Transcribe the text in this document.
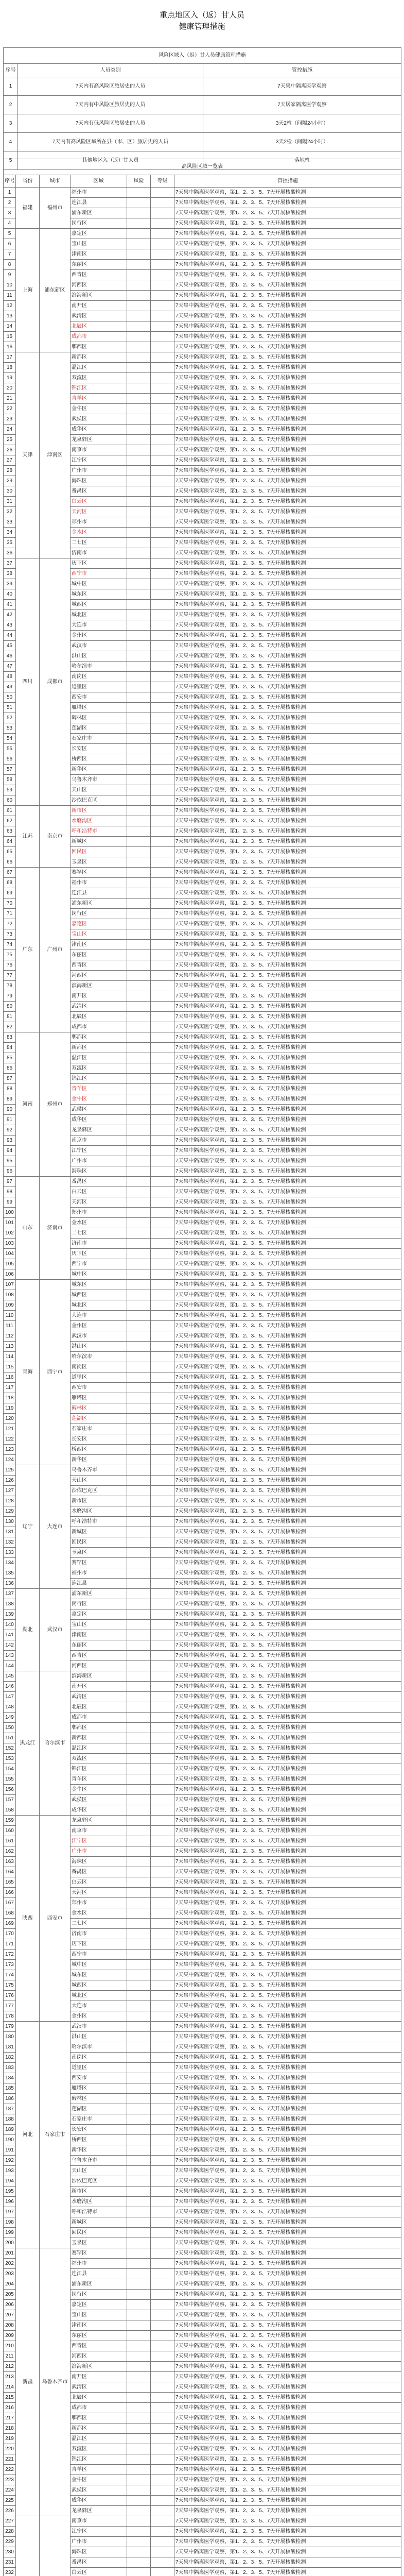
重点地区入（返）甘人员
健康管理措施
风险区域入（返）甘人员健康管理措施		
序号	人员类别	管控措施
1	7天内有高风险区旅居史的人员	7天集中隔离医学观察
2	7天内有中风险区旅居史的人员	7天居家隔离医学观察
3	7天内有低风险区旅居史的人员	3天2检（间隔24小时）
4	7天内有高风险区域所在县（市、区）旅居史的人员	3天2检（间隔24小时）
5	其他地区入（返）甘人员	落地检
高风险区域一览表						
序号	省份	城市	区域	风险	等级	管控措施
1	福建	福州市	福州市			7天集中隔离医学观察，第1、2、3、5、7天开展核酸检测
2			连江县			7天集中隔离医学观察，第1、2、3、5、7天开展核酸检测
3			浦东新区			7天集中隔离医学观察，第1、2、3、5、7天开展核酸检测
4			闵行区			7天集中隔离医学观察，第1、2、3、5、7天开展核酸检测
5	上海	浦东新区	嘉定区			7天集中隔离医学观察，第1、2、3、5、7天开展核酸检测
6			宝山区			7天集中隔离医学观察，第1、2、3、5、7天开展核酸检测
7			津南区			7天集中隔离医学观察，第1、2、3、5、7天开展核酸检测
8			东丽区			7天集中隔离医学观察，第1、2、3、5、7天开展核酸检测
9			西青区			7天集中隔离医学观察，第1、2、3、5、7天开展核酸检测
10			河西区			7天集中隔离医学观察，第1、2、3、5、7天开展核酸检测
11			滨海新区			7天集中隔离医学观察，第1、2、3、5、7天开展核酸检测
12			南开区			7天集中隔离医学观察，第1、2、3、5、7天开展核酸检测
13			武清区			7天集中隔离医学观察，第1、2、3、5、7天开展核酸检测
14			北辰区			7天集中隔离医学观察，第1、2、3、5、7天开展核酸检测
15			成都市			7天集中隔离医学观察，第1、2、3、5、7天开展核酸检测
16			郫都区			7天集中隔离医学观察，第1、2、3、5、7天开展核酸检测
17	天津	津南区	新都区			7天集中隔离医学观察，第1、2、3、5、7天开展核酸检测
18			温江区			7天集中隔离医学观察，第1、2、3、5、7天开展核酸检测
19			双流区			7天集中隔离医学观察，第1、2、3、5、7天开展核酸检测
20			锦江区			7天集中隔离医学观察，第1、2、3、5、7天开展核酸检测
21			青羊区			7天集中隔离医学观察，第1、2、3、5、7天开展核酸检测
22			金牛区			7天集中隔离医学观察，第1、2、3、5、7天开展核酸检测
23			武侯区			7天集中隔离医学观察，第1、2、3、5、7天开展核酸检测
24			成华区			7天集中隔离医学观察，第1、2、3、5、7天开展核酸检测
25			龙泉驿区			7天集中隔离医学观察，第1、2、3、5、7天开展核酸检测
26			南京市			7天集中隔离医学观察，第1、2、3、5、7天开展核酸检测
27			江宁区			7天集中隔离医学观察，第1、2、3、5、7天开展核酸检测
28			广州市			7天集中隔离医学观察，第1、2、3、5、7天开展核酸检测
29			海珠区			7天集中隔离医学观察，第1、2、3、5、7天开展核酸检测
30			番禺区			7天集中隔离医学观察，第1、2、3、5、7天开展核酸检测
31			白云区			7天集中隔离医学观察，第1、2、3、5、7天开展核酸检测
32			天河区			7天集中隔离医学观察，第1、2、3、5、7天开展核酸检测
33			郑州市			7天集中隔离医学观察，第1、2、3、5、7天开展核酸检测
34			金水区			7天集中隔离医学观察，第1、2、3、5、7天开展核酸检测
35			二七区			7天集中隔离医学观察，第1、2、3、5、7天开展核酸检测
36			济南市			7天集中隔离医学观察，第1、2、3、5、7天开展核酸检测
37	四川	成都市	历下区			7天集中隔离医学观察，第1、2、3、5、7天开展核酸检测
38			西宁市			7天集中隔离医学观察，第1、2、3、5、7天开展核酸检测
39			城中区			7天集中隔离医学观察，第1、2、3、5、7天开展核酸检测
40			城东区			7天集中隔离医学观察，第1、2、3、5、7天开展核酸检测
41			城西区			7天集中隔离医学观察，第1、2、3、5、7天开展核酸检测
42			城北区			7天集中隔离医学观察，第1、2、3、5、7天开展核酸检测
43			大连市			7天集中隔离医学观察，第1、2、3、5、7天开展核酸检测
44			金州区			7天集中隔离医学观察，第1、2、3、5、7天开展核酸检测
45			武汉市			7天集中隔离医学观察，第1、2、3、5、7天开展核酸检测
46			洪山区			7天集中隔离医学观察，第1、2、3、5、7天开展核酸检测
47			哈尔滨市			7天集中隔离医学观察，第1、2、3、5、7天开展核酸检测
48			南岗区			7天集中隔离医学观察，第1、2、3、5、7天开展核酸检测
49			道里区			7天集中隔离医学观察，第1、2、3、5、7天开展核酸检测
50			西安市			7天集中隔离医学观察，第1、2、3、5、7天开展核酸检测
51			雁塔区			7天集中隔离医学观察，第1、2、3、5、7天开展核酸检测
52			碑林区			7天集中隔离医学观察，第1、2、3、5、7天开展核酸检测
53			莲湖区			7天集中隔离医学观察，第1、2、3、5、7天开展核酸检测
54			石家庄市			7天集中隔离医学观察，第1、2、3、5、7天开展核酸检测
55			长安区			7天集中隔离医学观察，第1、2、3、5、7天开展核酸检测
56			桥西区			7天集中隔离医学观察，第1、2、3、5、7天开展核酸检测
57			新华区			7天集中隔离医学观察，第1、2、3、5、7天开展核酸检测
58			乌鲁木齐市			7天集中隔离医学观察，第1、2、3、5、7天开展核酸检测
59			天山区			7天集中隔离医学观察，第1、2、3、5、7天开展核酸检测
60			沙依巴克区			7天集中隔离医学观察，第1、2、3、5、7天开展核酸检测
61	江苏	南京市	新市区			7天集中隔离医学观察，第1、2、3、5、7天开展核酸检测
62			水磨沟区			7天集中隔离医学观察，第1、2、3、5、7天开展核酸检测
63			呼和浩特市			7天集中隔离医学观察，第1、2、3、5、7天开展核酸检测
64			新城区			7天集中隔离医学观察，第1、2、3、5、7天开展核酸检测
65			回民区			7天集中隔离医学观察，第1、2、3、5、7天开展核酸检测
66			玉泉区			7天集中隔离医学观察，第1、2、3、5、7天开展核酸检测
67	广东	广州市	赛罕区			7天集中隔离医学观察，第1、2、3、5、7天开展核酸检测
68			福州市			7天集中隔离医学观察，第1、2、3、5、7天开展核酸检测
69			连江县			7天集中隔离医学观察，第1、2、3、5、7天开展核酸检测
70			浦东新区			7天集中隔离医学观察，第1、2、3、5、7天开展核酸检测
71			闵行区			7天集中隔离医学观察，第1、2、3、5、7天开展核酸检测
72			嘉定区			7天集中隔离医学观察，第1、2、3、5、7天开展核酸检测
73			宝山区			7天集中隔离医学观察，第1、2、3、5、7天开展核酸检测
74			津南区			7天集中隔离医学观察，第1、2、3、5、7天开展核酸检测
75			东丽区			7天集中隔离医学观察，第1、2、3、5、7天开展核酸检测
76			西青区			7天集中隔离医学观察，第1、2、3、5、7天开展核酸检测
77			河西区			7天集中隔离医学观察，第1、2、3、5、7天开展核酸检测
78			滨海新区			7天集中隔离医学观察，第1、2、3、5、7天开展核酸检测
79			南开区			7天集中隔离医学观察，第1、2、3、5、7天开展核酸检测
80			武清区			7天集中隔离医学观察，第1、2、3、5、7天开展核酸检测
81			北辰区			7天集中隔离医学观察，第1、2、3、5、7天开展核酸检测
82			成都市			7天集中隔离医学观察，第1、2、3、5、7天开展核酸检测
83	河南	郑州市	郫都区			7天集中隔离医学观察，第1、2、3、5、7天开展核酸检测
84			新都区			7天集中隔离医学观察，第1、2、3、5、7天开展核酸检测
85			温江区			7天集中隔离医学观察，第1、2、3、5、7天开展核酸检测
86			双流区			7天集中隔离医学观察，第1、2、3、5、7天开展核酸检测
87			锦江区			7天集中隔离医学观察，第1、2、3、5、7天开展核酸检测
88			青羊区			7天集中隔离医学观察，第1、2、3、5、7天开展核酸检测
89			金牛区			7天集中隔离医学观察，第1、2、3、5、7天开展核酸检测
90			武侯区			7天集中隔离医学观察，第1、2、3、5、7天开展核酸检测
91			成华区			7天集中隔离医学观察，第1、2、3、5、7天开展核酸检测
92			龙泉驿区			7天集中隔离医学观察，第1、2、3、5、7天开展核酸检测
93			南京市			7天集中隔离医学观察，第1、2、3、5、7天开展核酸检测
94			江宁区			7天集中隔离医学观察，第1、2、3、5、7天开展核酸检测
95			广州市			7天集中隔离医学观察，第1、2、3、5、7天开展核酸检测
96			海珠区			7天集中隔离医学观察，第1、2、3、5、7天开展核酸检测
97	山东	济南市	番禺区			7天集中隔离医学观察，第1、2、3、5、7天开展核酸检测
98			白云区			7天集中隔离医学观察，第1、2、3、5、7天开展核酸检测
99			天河区			7天集中隔离医学观察，第1、2、3、5、7天开展核酸检测
100			郑州市			7天集中隔离医学观察，第1、2、3、5、7天开展核酸检测
101			金水区			7天集中隔离医学观察，第1、2、3、5、7天开展核酸检测
102			二七区			7天集中隔离医学观察，第1、2、3、5、7天开展核酸检测
103			济南市			7天集中隔离医学观察，第1、2、3、5、7天开展核酸检测
104			历下区			7天集中隔离医学观察，第1、2、3、5、7天开展核酸检测
105			西宁市			7天集中隔离医学观察，第1、2、3、5、7天开展核酸检测
106			城中区			7天集中隔离医学观察，第1、2、3、5、7天开展核酸检测
107	青海	西宁市	城东区			7天集中隔离医学观察，第1、2、3、5、7天开展核酸检测
108			城西区			7天集中隔离医学观察，第1、2、3、5、7天开展核酸检测
109			城北区			7天集中隔离医学观察，第1、2、3、5、7天开展核酸检测
110			大连市			7天集中隔离医学观察，第1、2、3、5、7天开展核酸检测
111			金州区			7天集中隔离医学观察，第1、2、3、5、7天开展核酸检测
112			武汉市			7天集中隔离医学观察，第1、2、3、5、7天开展核酸检测
113			洪山区			7天集中隔离医学观察，第1、2、3、5、7天开展核酸检测
114			哈尔滨市			7天集中隔离医学观察，第1、2、3、5、7天开展核酸检测
115			南岗区			7天集中隔离医学观察，第1、2、3、5、7天开展核酸检测
116			道里区			7天集中隔离医学观察，第1、2、3、5、7天开展核酸检测
117			西安市			7天集中隔离医学观察，第1、2、3、5、7天开展核酸检测
118			雁塔区			7天集中隔离医学观察，第1、2、3、5、7天开展核酸检测
119			碑林区			7天集中隔离医学观察，第1、2、3、5、7天开展核酸检测
120			莲湖区			7天集中隔离医学观察，第1、2、3、5、7天开展核酸检测
121			石家庄市			7天集中隔离医学观察，第1、2、3、5、7天开展核酸检测
122			长安区			7天集中隔离医学观察，第1、2、3、5、7天开展核酸检测
123			桥西区			7天集中隔离医学观察，第1、2、3、5、7天开展核酸检测
124			新华区			7天集中隔离医学观察，第1、2、3、5、7天开展核酸检测
125	辽宁	大连市	乌鲁木齐市			7天集中隔离医学观察，第1、2、3、5、7天开展核酸检测
126			天山区			7天集中隔离医学观察，第1、2、3、5、7天开展核酸检测
127			沙依巴克区			7天集中隔离医学观察，第1、2、3、5、7天开展核酸检测
128			新市区			7天集中隔离医学观察，第1、2、3、5、7天开展核酸检测
129			水磨沟区			7天集中隔离医学观察，第1、2、3、5、7天开展核酸检测
130			呼和浩特市			7天集中隔离医学观察，第1、2、3、5、7天开展核酸检测
131			新城区			7天集中隔离医学观察，第1、2、3、5、7天开展核酸检测
132			回民区			7天集中隔离医学观察，第1、2、3、5、7天开展核酸检测
133			玉泉区			7天集中隔离医学观察，第1、2、3、5、7天开展核酸检测
134			赛罕区			7天集中隔离医学观察，第1、2、3、5、7天开展核酸检测
135			福州市			7天集中隔离医学观察，第1、2、3、5、7天开展核酸检测
136			连江县			7天集中隔离医学观察，第1、2、3、5、7天开展核酸检测
137	湖北	武汉市	浦东新区			7天集中隔离医学观察，第1、2、3、5、7天开展核酸检测
138			闵行区			7天集中隔离医学观察，第1、2、3、5、7天开展核酸检测
139			嘉定区			7天集中隔离医学观察，第1、2、3、5、7天开展核酸检测
140			宝山区			7天集中隔离医学观察，第1、2、3、5、7天开展核酸检测
141			津南区			7天集中隔离医学观察，第1、2、3、5、7天开展核酸检测
142			东丽区			7天集中隔离医学观察，第1、2、3、5、7天开展核酸检测
143			西青区			7天集中隔离医学观察，第1、2、3、5、7天开展核酸检测
144			河西区			7天集中隔离医学观察，第1、2、3、5、7天开展核酸检测
145	黑龙江	哈尔滨市	滨海新区			7天集中隔离医学观察，第1、2、3、5、7天开展核酸检测
146			南开区			7天集中隔离医学观察，第1、2、3、5、7天开展核酸检测
147			武清区			7天集中隔离医学观察，第1、2、3、5、7天开展核酸检测
148			北辰区			7天集中隔离医学观察，第1、2、3、5、7天开展核酸检测
149			成都市			7天集中隔离医学观察，第1、2、3、5、7天开展核酸检测
150			郫都区			7天集中隔离医学观察，第1、2、3、5、7天开展核酸检测
151			新都区			7天集中隔离医学观察，第1、2、3、5、7天开展核酸检测
152			温江区			7天集中隔离医学观察，第1、2、3、5、7天开展核酸检测
153			双流区			7天集中隔离医学观察，第1、2、3、5、7天开展核酸检测
154			锦江区			7天集中隔离医学观察，第1、2、3、5、7天开展核酸检测
155			青羊区			7天集中隔离医学观察，第1、2、3、5、7天开展核酸检测
156			金牛区			7天集中隔离医学观察，第1、2、3、5、7天开展核酸检测
157			武侯区			7天集中隔离医学观察，第1、2、3、5、7天开展核酸检测
158			成华区			7天集中隔离医学观察，第1、2、3、5、7天开展核酸检测
159	陕西	西安市	龙泉驿区			7天集中隔离医学观察，第1、2、3、5、7天开展核酸检测
160			南京市			7天集中隔离医学观察，第1、2、3、5、7天开展核酸检测
161			江宁区			7天集中隔离医学观察，第1、2、3、5、7天开展核酸检测
162			广州市			7天集中隔离医学观察，第1、2、3、5、7天开展核酸检测
163			海珠区			7天集中隔离医学观察，第1、2、3、5、7天开展核酸检测
164			番禺区			7天集中隔离医学观察，第1、2、3、5、7天开展核酸检测
165			白云区			7天集中隔离医学观察，第1、2、3、5、7天开展核酸检测
166			天河区			7天集中隔离医学观察，第1、2、3、5、7天开展核酸检测
167			郑州市			7天集中隔离医学观察，第1、2、3、5、7天开展核酸检测
168			金水区			7天集中隔离医学观察，第1、2、3、5、7天开展核酸检测
169			二七区			7天集中隔离医学观察，第1、2、3、5、7天开展核酸检测
170			济南市			7天集中隔离医学观察，第1、2、3、5、7天开展核酸检测
171			历下区			7天集中隔离医学观察，第1、2、3、5、7天开展核酸检测
172			西宁市			7天集中隔离医学观察，第1、2、3、5、7天开展核酸检测
173			城中区			7天集中隔离医学观察，第1、2、3、5、7天开展核酸检测
174			城东区			7天集中隔离医学观察，第1、2、3、5、7天开展核酸检测
175			城西区			7天集中隔离医学观察，第1、2、3、5、7天开展核酸检测
176			城北区			7天集中隔离医学观察，第1、2、3、5、7天开展核酸检测
177			大连市			7天集中隔离医学观察，第1、2、3、5、7天开展核酸检测
178			金州区			7天集中隔离医学观察，第1、2、3、5、7天开展核酸检测
179	河北	石家庄市	武汉市			7天集中隔离医学观察，第1、2、3、5、7天开展核酸检测
180			洪山区			7天集中隔离医学观察，第1、2、3、5、7天开展核酸检测
181			哈尔滨市			7天集中隔离医学观察，第1、2、3、5、7天开展核酸检测
182			南岗区			7天集中隔离医学观察，第1、2、3、5、7天开展核酸检测
183			道里区			7天集中隔离医学观察，第1、2、3、5、7天开展核酸检测
184			西安市			7天集中隔离医学观察，第1、2、3、5、7天开展核酸检测
185			雁塔区			7天集中隔离医学观察，第1、2、3、5、7天开展核酸检测
186			碑林区			7天集中隔离医学观察，第1、2、3、5、7天开展核酸检测
187			莲湖区			7天集中隔离医学观察，第1、2、3、5、7天开展核酸检测
188			石家庄市			7天集中隔离医学观察，第1、2、3、5、7天开展核酸检测
189			长安区			7天集中隔离医学观察，第1、2、3、5、7天开展核酸检测
190			桥西区			7天集中隔离医学观察，第1、2、3、5、7天开展核酸检测
191			新华区			7天集中隔离医学观察，第1、2、3、5、7天开展核酸检测
192			乌鲁木齐市			7天集中隔离医学观察，第1、2、3、5、7天开展核酸检测
193			天山区			7天集中隔离医学观察，第1、2、3、5、7天开展核酸检测
194			沙依巴克区			7天集中隔离医学观察，第1、2、3、5、7天开展核酸检测
195			新市区			7天集中隔离医学观察，第1、2、3、5、7天开展核酸检测
196			水磨沟区			7天集中隔离医学观察，第1、2、3、5、7天开展核酸检测
197			呼和浩特市			7天集中隔离医学观察，第1、2、3、5、7天开展核酸检测
198			新城区			7天集中隔离医学观察，第1、2、3、5、7天开展核酸检测
199			回民区			7天集中隔离医学观察，第1、2、3、5、7天开展核酸检测
200			玉泉区			7天集中隔离医学观察，第1、2、3、5、7天开展核酸检测
201	新疆	乌鲁木齐市	赛罕区			7天集中隔离医学观察，第1、2、3、5、7天开展核酸检测
202			福州市			7天集中隔离医学观察，第1、2、3、5、7天开展核酸检测
203			连江县			7天集中隔离医学观察，第1、2、3、5、7天开展核酸检测
204			浦东新区			7天集中隔离医学观察，第1、2、3、5、7天开展核酸检测
205			闵行区			7天集中隔离医学观察，第1、2、3、5、7天开展核酸检测
206			嘉定区			7天集中隔离医学观察，第1、2、3、5、7天开展核酸检测
207			宝山区			7天集中隔离医学观察，第1、2、3、5、7天开展核酸检测
208			津南区			7天集中隔离医学观察，第1、2、3、5、7天开展核酸检测
209			东丽区			7天集中隔离医学观察，第1、2、3、5、7天开展核酸检测
210			西青区			7天集中隔离医学观察，第1、2、3、5、7天开展核酸检测
211			河西区			7天集中隔离医学观察，第1、2、3、5、7天开展核酸检测
212			滨海新区			7天集中隔离医学观察，第1、2、3、5、7天开展核酸检测
213			南开区			7天集中隔离医学观察，第1、2、3、5、7天开展核酸检测
214			武清区			7天集中隔离医学观察，第1、2、3、5、7天开展核酸检测
215			北辰区			7天集中隔离医学观察，第1、2、3、5、7天开展核酸检测
216			成都市			7天集中隔离医学观察，第1、2、3、5、7天开展核酸检测
217			郫都区			7天集中隔离医学观察，第1、2、3、5、7天开展核酸检测
218			新都区			7天集中隔离医学观察，第1、2、3、5、7天开展核酸检测
219			温江区			7天集中隔离医学观察，第1、2、3、5、7天开展核酸检测
220			双流区			7天集中隔离医学观察，第1、2、3、5、7天开展核酸检测
221			锦江区			7天集中隔离医学观察，第1、2、3、5、7天开展核酸检测
222			青羊区			7天集中隔离医学观察，第1、2、3、5、7天开展核酸检测
223			金牛区			7天集中隔离医学观察，第1、2、3、5、7天开展核酸检测
224			武侯区			7天集中隔离医学观察，第1、2、3、5、7天开展核酸检测
225			成华区			7天集中隔离医学观察，第1、2、3、5、7天开展核酸检测
226			龙泉驿区			7天集中隔离医学观察，第1、2、3、5、7天开展核酸检测
227			南京市			7天集中隔离医学观察，第1、2、3、5、7天开展核酸检测
228			江宁区			7天集中隔离医学观察，第1、2、3、5、7天开展核酸检测
229			广州市			7天集中隔离医学观察，第1、2、3、5、7天开展核酸检测
230			海珠区			7天集中隔离医学观察，第1、2、3、5、7天开展核酸检测
231			番禺区			7天集中隔离医学观察，第1、2、3、5、7天开展核酸检测
232			白云区			7天集中隔离医学观察，第1、2、3、5、7天开展核酸检测
